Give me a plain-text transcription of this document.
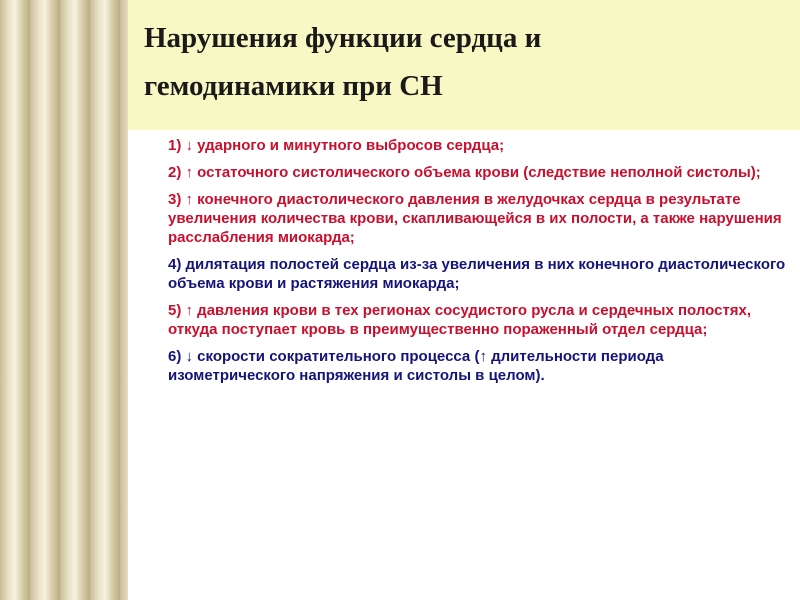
Нарушения функции сердца и
гемодинамики при СН
1) ↓ ударного и минутного выбросов сердца;
2) ↑ остаточного систолического объема крови (следствие неполной систолы);
3) ↑ конечного диастолического давления в желудочках сердца в результате увеличения количества крови, скапливающейся в их полости, а также нарушения расслабления миокарда;
4) дилятация полостей сердца из-за увеличения в них конечного диастолического объема крови и растяжения миокарда;
5) ↑ давления крови в тех регионах сосудистого русла и сердечных полостях, откуда поступает кровь в преимущественно пораженный отдел сердца;
6) ↓ скорости сократительного процесса (↑ длительности периода изометрического напряжения и систолы в целом).
